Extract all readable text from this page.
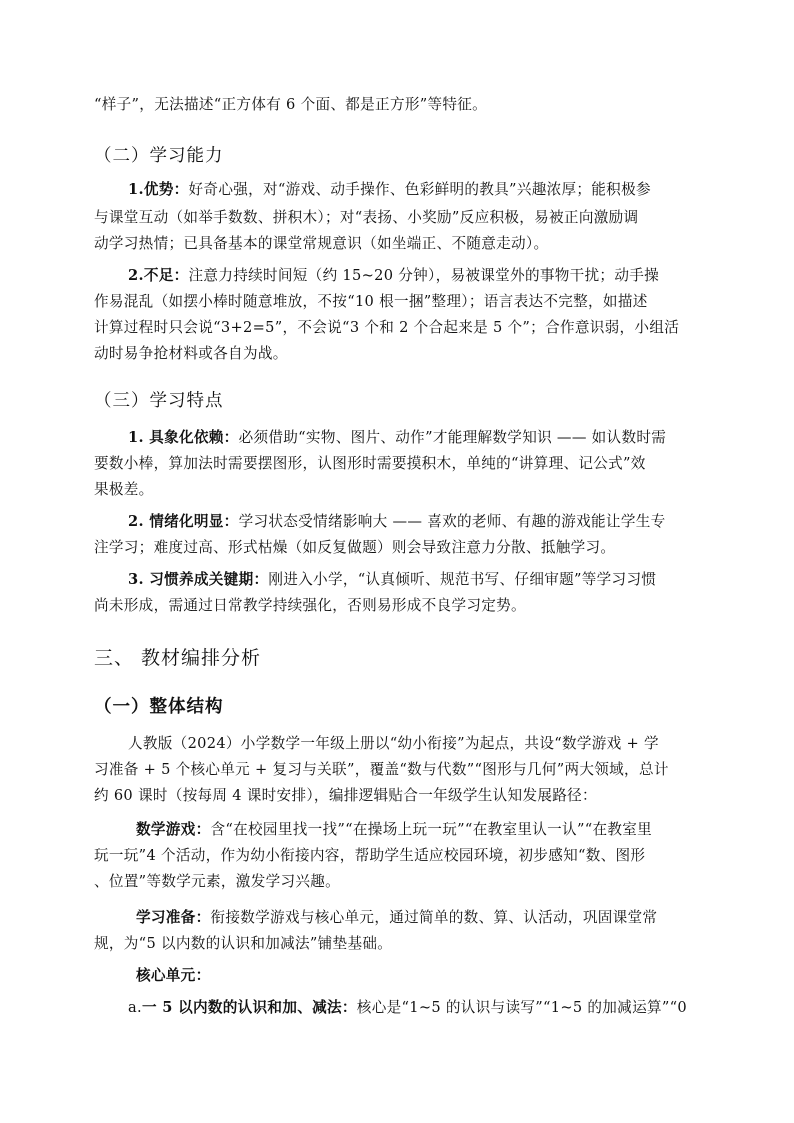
“样子”，无法描述“正方体有 6 个面、都是正方形”等特征。
（二）学习能力
1.优势：好奇心强，对“游戏、动手操作、色彩鲜明的教具”兴趣浓厚；能积极参
与课堂互动（如举手数数、拼积木）；对“表扬、小奖励”反应积极，易被正向激励调
动学习热情；已具备基本的课堂常规意识（如坐端正、不随意走动）。
2.不足：注意力持续时间短（约 15~20 分钟），易被课堂外的事物干扰；动手操
作易混乱（如摆小棒时随意堆放，不按“10 根一捆”整理）；语言表达不完整，如描述
计算过程时只会说“3+2=5”，不会说“3 个和 2 个合起来是 5 个”；合作意识弱，小组活
动时易争抢材料或各自为战。
（三）学习特点
1. 具象化依赖：必须借助“实物、图片、动作”才能理解数学知识 —— 如认数时需
要数小棒，算加法时需要摆图形，认图形时需要摸积木，单纯的“讲算理、记公式”效
果极差。
2. 情绪化明显：学习状态受情绪影响大 —— 喜欢的老师、有趣的游戏能让学生专
注学习；难度过高、形式枯燥（如反复做题）则会导致注意力分散、抵触学习。
3. 习惯养成关键期：刚进入小学，“认真倾听、规范书写、仔细审题”等学习习惯
尚未形成，需通过日常教学持续强化，否则易形成不良学习定势。
三、 教材编排分析
（一）整体结构
人教版（2024）小学数学一年级上册以“幼小衔接”为起点，共设“数学游戏 + 学
习准备 + 5 个核心单元 + 复习与关联”，覆盖“数与代数”“图形与几何”两大领域，总计
约 60 课时（按每周 4 课时安排），编排逻辑贴合一年级学生认知发展路径：
数学游戏：含“在校园里找一找”“在操场上玩一玩”“在教室里认一认”“在教室里
玩一玩”4 个活动，作为幼小衔接内容，帮助学生适应校园环境，初步感知“数、图形
、位置”等数学元素，激发学习兴趣。
学习准备：衔接数学游戏与核心单元，通过简单的数、算、认活动，巩固课堂常
规，为“5 以内数的认识和加减法”铺垫基础。
核心单元：
a.一 5 以内数的认识和加、减法：核心是“1~5 的认识与读写”“1~5 的加减运算”“0
